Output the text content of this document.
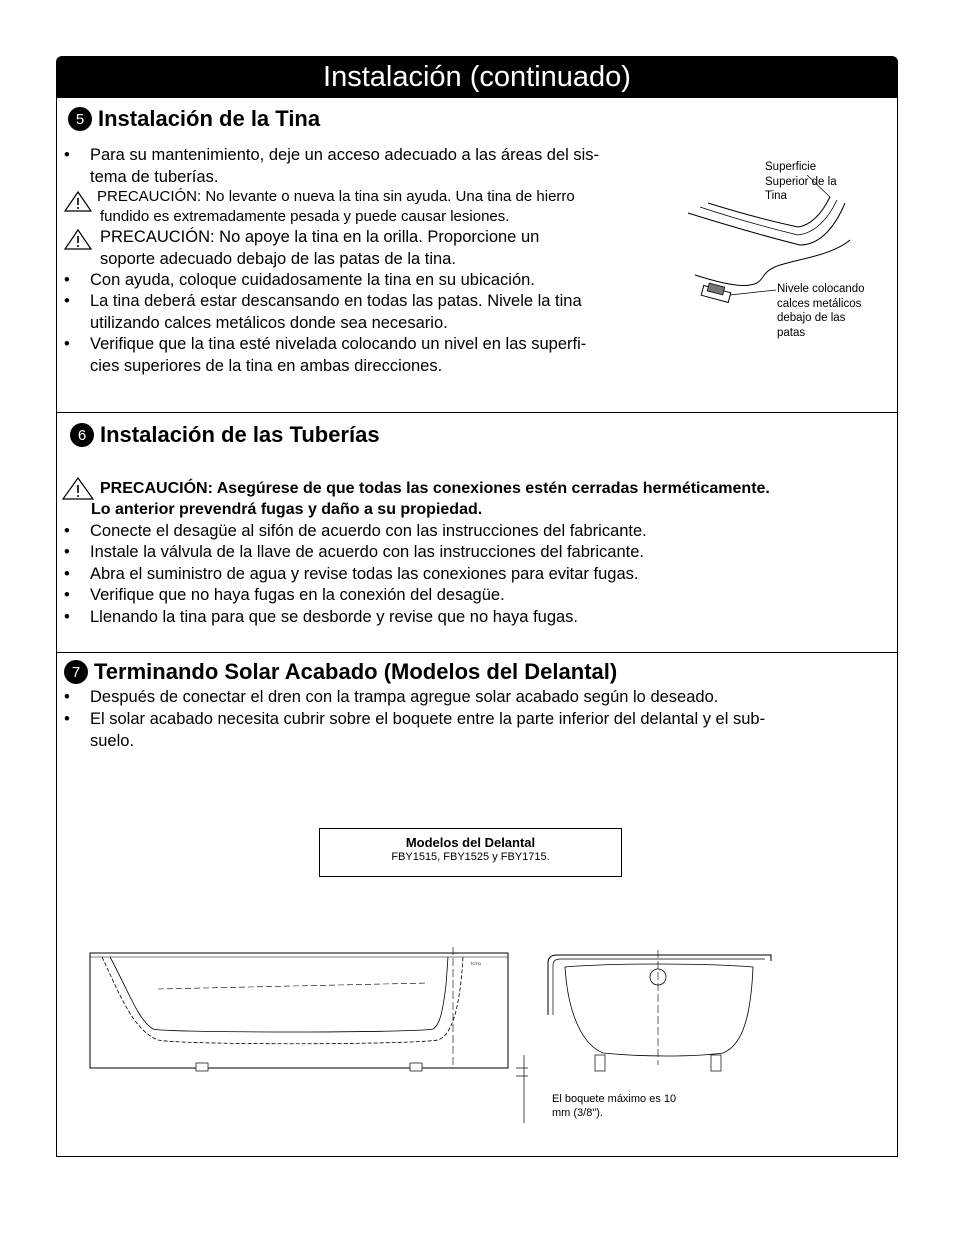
Instalación (continuado)
5 Instalación de la Tina
• Para su mantenimiento, deje un acceso adecuado a las áreas del sis-
tema de tuberías.
PRECAUCIÓN: No levante o nueva la tina sin ayuda. Una tina de hierro
fundido es extremadamente pesada y puede causar lesiones.
PRECAUCIÓN: No apoye la tina en la orilla. Proporcione un
soporte adecuado debajo de las patas de la tina.
• Con ayuda, coloque cuidadosamente la tina en su ubicación.
• La tina deberá estar descansando en todas las patas. Nivele la tina
utilizando calces metálicos donde sea necesario.
• Verifique que la tina esté nivelada colocando un nivel en las superfi-
cies superiores de la tina en ambas direcciones.
Superficie
Superior de la
Tina
Nivele colocando
calces metálicos
debajo de las
patas
6 Instalación de las Tuberías
PRECAUCIÓN: Asegúrese de que todas las conexiones estén cerradas herméticamente.
Lo anterior prevendrá fugas y daño a su propiedad.
• Conecte el desagüe al sifón de acuerdo con las instrucciones del fabricante.
• Instale la válvula de la llave de acuerdo con las instrucciones del fabricante.
• Abra el suministro de agua y revise todas las conexiones para evitar fugas.
• Verifique que no haya fugas en la conexión del desagüe.
• Llenando la tina para que se desborde y revise que no haya fugas.
7 Terminando Solar Acabado (Modelos del Delantal)
• Después de conectar el dren con la trampa agregue solar acabado según lo deseado.
• El solar acabado necesita cubrir sobre el boquete entre la parte inferior del delantal y el sub-
suelo.
Modelos del Delantal
FBY1515, FBY1525 y FBY1715.
TOTO
El boquete máximo es 10
mm (3/8").
